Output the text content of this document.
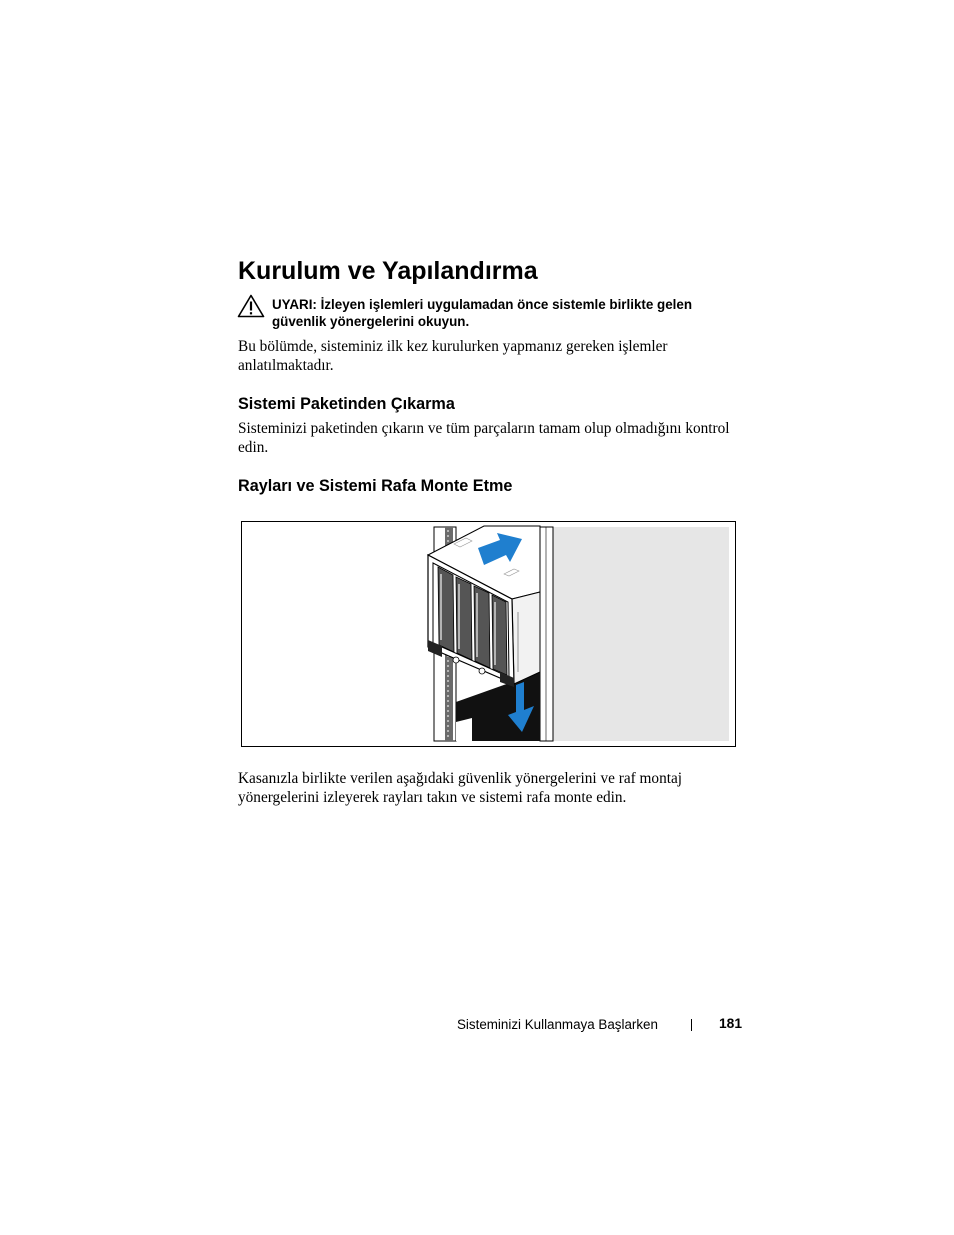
Kurulum ve Yapılandırma
UYARI: İzleyen işlemleri uygulamadan önce sistemle birlikte gelen güvenlik yönergelerini okuyun.
Bu bölümde, sisteminiz ilk kez kurulurken yapmanız gereken işlemler anlatılmaktadır.
Sistemi Paketinden Çıkarma
Sisteminizi paketinden çıkarın ve tüm parçaların tamam olup olmadığını kontrol edin.
Rayları ve Sistemi Rafa Monte Etme
Kasanızla birlikte verilen aşağıdaki güvenlik yönergelerini ve raf montaj yönergelerini izleyerek rayları takın ve sistemi rafa monte edin.
Sisteminizi Kullanmaya Başlarken	181
